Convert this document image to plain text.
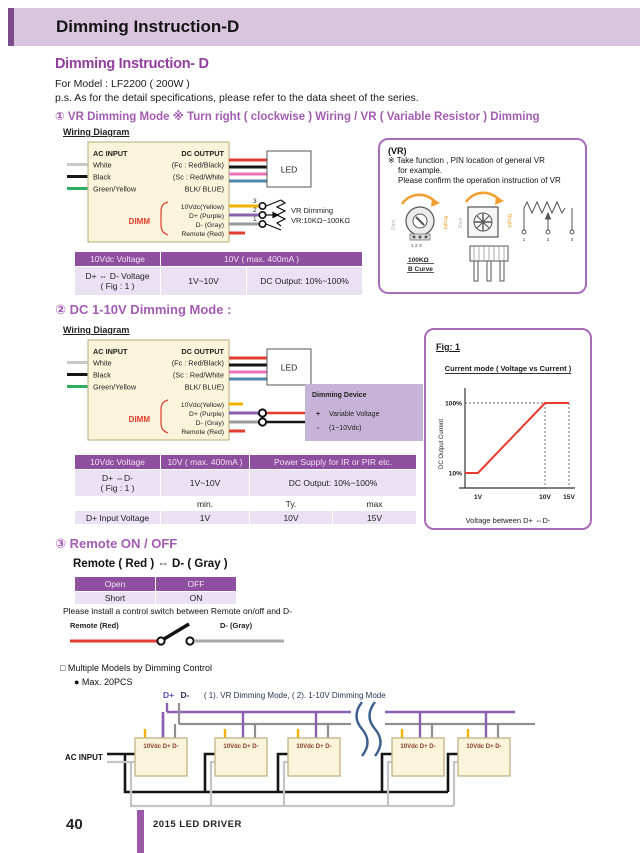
Dimming Instruction-D
Dimming Instruction- D
For Model : LF2200 ( 200W )
p.s. As for the detail specifications, please refer to the data sheet of the series.
① VR Dimming Mode ※ Turn right ( clockwise ) Wiring / VR ( Variable Resistor ) Dimming
Wiring Diagram
AC INPUT
White
Black
Green/Yellow
DC OUTPUT
(Fc : Red/Black)
(Sc : Red/White
BLK/ BLUE)
10Vdc(Yellow)
D+ (Purple)
D- (Gray)
Remote (Red)
DIMM
LED
3
2
1
VR Dimming
VR:10KΩ~100KΩ
10Vdc Voltage	10V ( max. 400mA )
D+ ⇔ D- Voltage
( Fig : 1 )	1V~10V	DC Output: 10%~100%
(VR)
※ Take function , PIN location of general VR
for example.
Please confirm the operation instruction of VR
1 2 3
Dark	Bright Dark	Bright
1	2	3
100KΩ
B Curve
② DC 1-10V Dimming Mode :
Wiring Diagram
AC INPUT
White
Black
Green/Yellow
DC OUTPUT
(Fc : Red/Black)
(Sc : Red/White
BLK/ BLUE)
10Vdc(Yellow)
D+ (Purple)
D- (Gray)
Remote (Red)
DIMM
LED
Dimming Device
+ Variable Voltage
- (1~10Vdc)
10Vdc Voltage	10V ( max. 400mA )	Power Supply for IR or PIR etc.
D+ ⇔D-
( Fig : 1 )	1V~10V	DC Output: 10%~100%
min.	Ty.	max
D+ Input Voltage	1V	10V	15V
Fig: 1
Current mode ( Voltage vs Current )
100%
10%
1V	10V 15V
DC Output Current
Voltage between D+ ⇔D-
③ Remote ON / OFF
Remote ( Red ) ⇔ D- ( Gray )
Open	OFF
Short	ON
Please install a control switch between Remote on/off and D-
Remote (Red)	D- (Gray)
□ Multiple Models by Dimming Control
● Max. 20PCS
D+ D- ( 1). VR Dimming Mode, ( 2). 1-10V Dimming Mode
10Vdc D+ D-	10Vdc D+ D-	10Vdc D+ D-	10Vdc D+ D-	10Vdc D+ D-
AC INPUT
40	2015 LED DRIVER
